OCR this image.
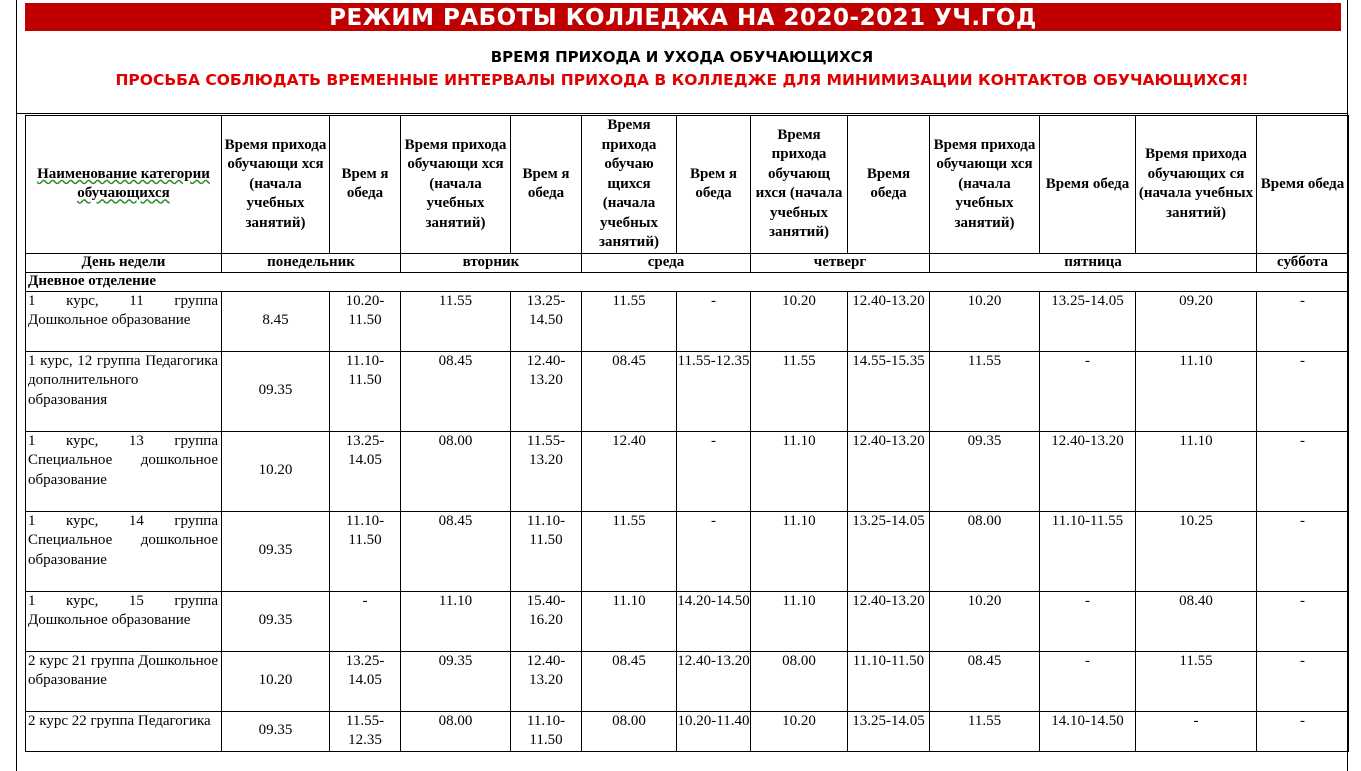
РЕЖИМ РАБОТЫ КОЛЛЕДЖА НА 2020-2021 УЧ.ГОД
ВРЕМЯ ПРИХОДА И УХОДА ОБУЧАЮЩИХСЯ
ПРОСЬБА СОБЛЮДАТЬ ВРЕМЕННЫЕ ИНТЕРВАЛЫ ПРИХОДА В КОЛЛЕДЖЕ ДЛЯ МИНИМИЗАЦИИ КОНТАКТОВ ОБУЧАЮЩИХСЯ!
Наименование категории обучающихся	Время прихода обучающи хся (начала учебных занятий)	Врем я обеда	Время прихода обучающи хся (начала учебных занятий)	Врем я обеда	Время прихода обучаю щихся (начала учебных занятий)	Врем я обеда	Время прихода обучающ ихся (начала учебных занятий)	Время обеда	Время прихода обучающи хся (начала учебных занятий)	Время обеда	Время прихода обучающих ся (начала учебных занятий)	Время обеда
День недели	понедельник		вторник		среда		четверг		пятница			суббота
Дневное отделение												
1 курс, 11 группа Дошкольное образование	8.45	10.20-11.50	11.55	13.25-14.50	11.55	-	10.20	12.40-13.20	10.20	13.25-14.05	09.20	-
1 курс, 12 группа Педагогика дополнительного образования	09.35	11.10-11.50	08.45	12.40-13.20	08.45	11.55-12.35	11.55	14.55-15.35	11.55	-	11.10	-
1 курс, 13 группа Специальное дошкольное образование	10.20	13.25-14.05	08.00	11.55-13.20	12.40	-	11.10	12.40-13.20	09.35	12.40-13.20	11.10	-
1 курс, 14 группа Специальное дошкольное образование	09.35	11.10-11.50	08.45	11.10-11.50	11.55	-	11.10	13.25-14.05	08.00	11.10-11.55	10.25	-
1 курс, 15 группа Дошкольное образование	09.35	-	11.10	15.40-16.20	11.10	14.20-14.50	11.10	12.40-13.20	10.20	-	08.40	-
2 курс 21 группа Дошкольное образование	10.20	13.25-14.05	09.35	12.40-13.20	08.45	12.40-13.20	08.00	11.10-11.50	08.45	-	11.55	-
2 курс 22 группа Педагогика	09.35	11.55-12.35	08.00	11.10-11.50	08.00	10.20-11.40	10.20	13.25-14.05	11.55	14.10-14.50	-	-
